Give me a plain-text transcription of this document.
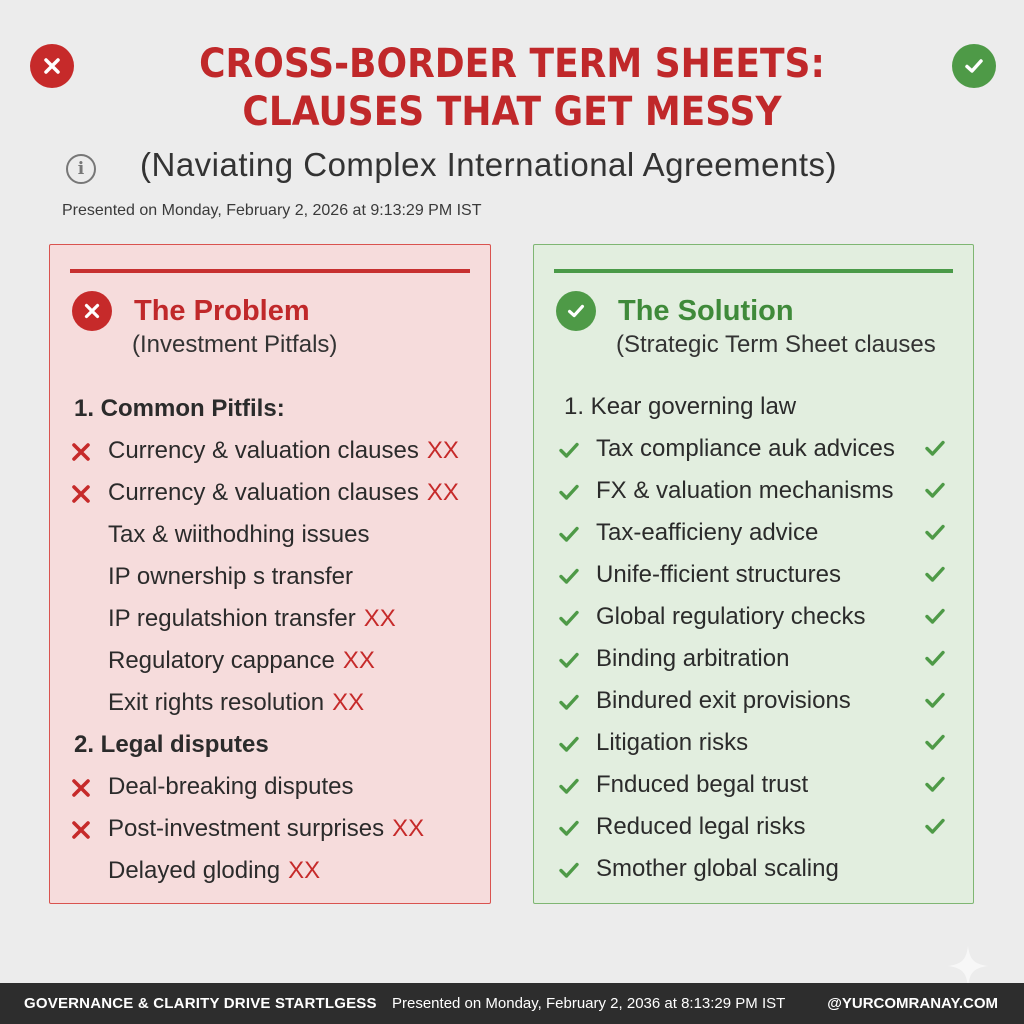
CROSS-BORDER TERM SHEETS:
CLAUSES THAT GET MESSY
i	(Naviating Complex International Agreements)
Presented on Monday, February 2, 2026 at 9:13:29 PM IST
The Problem
(Investment Pitfals)
1. Common Pitfils:
Currency & valuation clauses XX
Currency & valuation clauses XX
Tax & wiithodhing issues
IP ownership s transfer
IP regulatshion transfer XX
Regulatory cappance XX
Exit rights resolution XX
2. Legal disputes
Deal-breaking disputes
Post-investment surprises XX
Delayed gloding XX
The Solution
(Strategic Term Sheet clauses
1. Kear governing law
Tax compliance auk advices
FX & valuation mechanisms
Tax-eafficieny advice
Unife-fficient structures
Global regulatiory checks
Binding arbitration
Bindured exit provisions
Litigation risks
Fnduced begal trust
Reduced legal risks
Smother global scaling
GOVERNANCE & CLARITY DRIVE STARTLGESS Presented on Monday, February 2, 2036 at 8:13:29 PM IST	@YURCOMRANAY.COM
